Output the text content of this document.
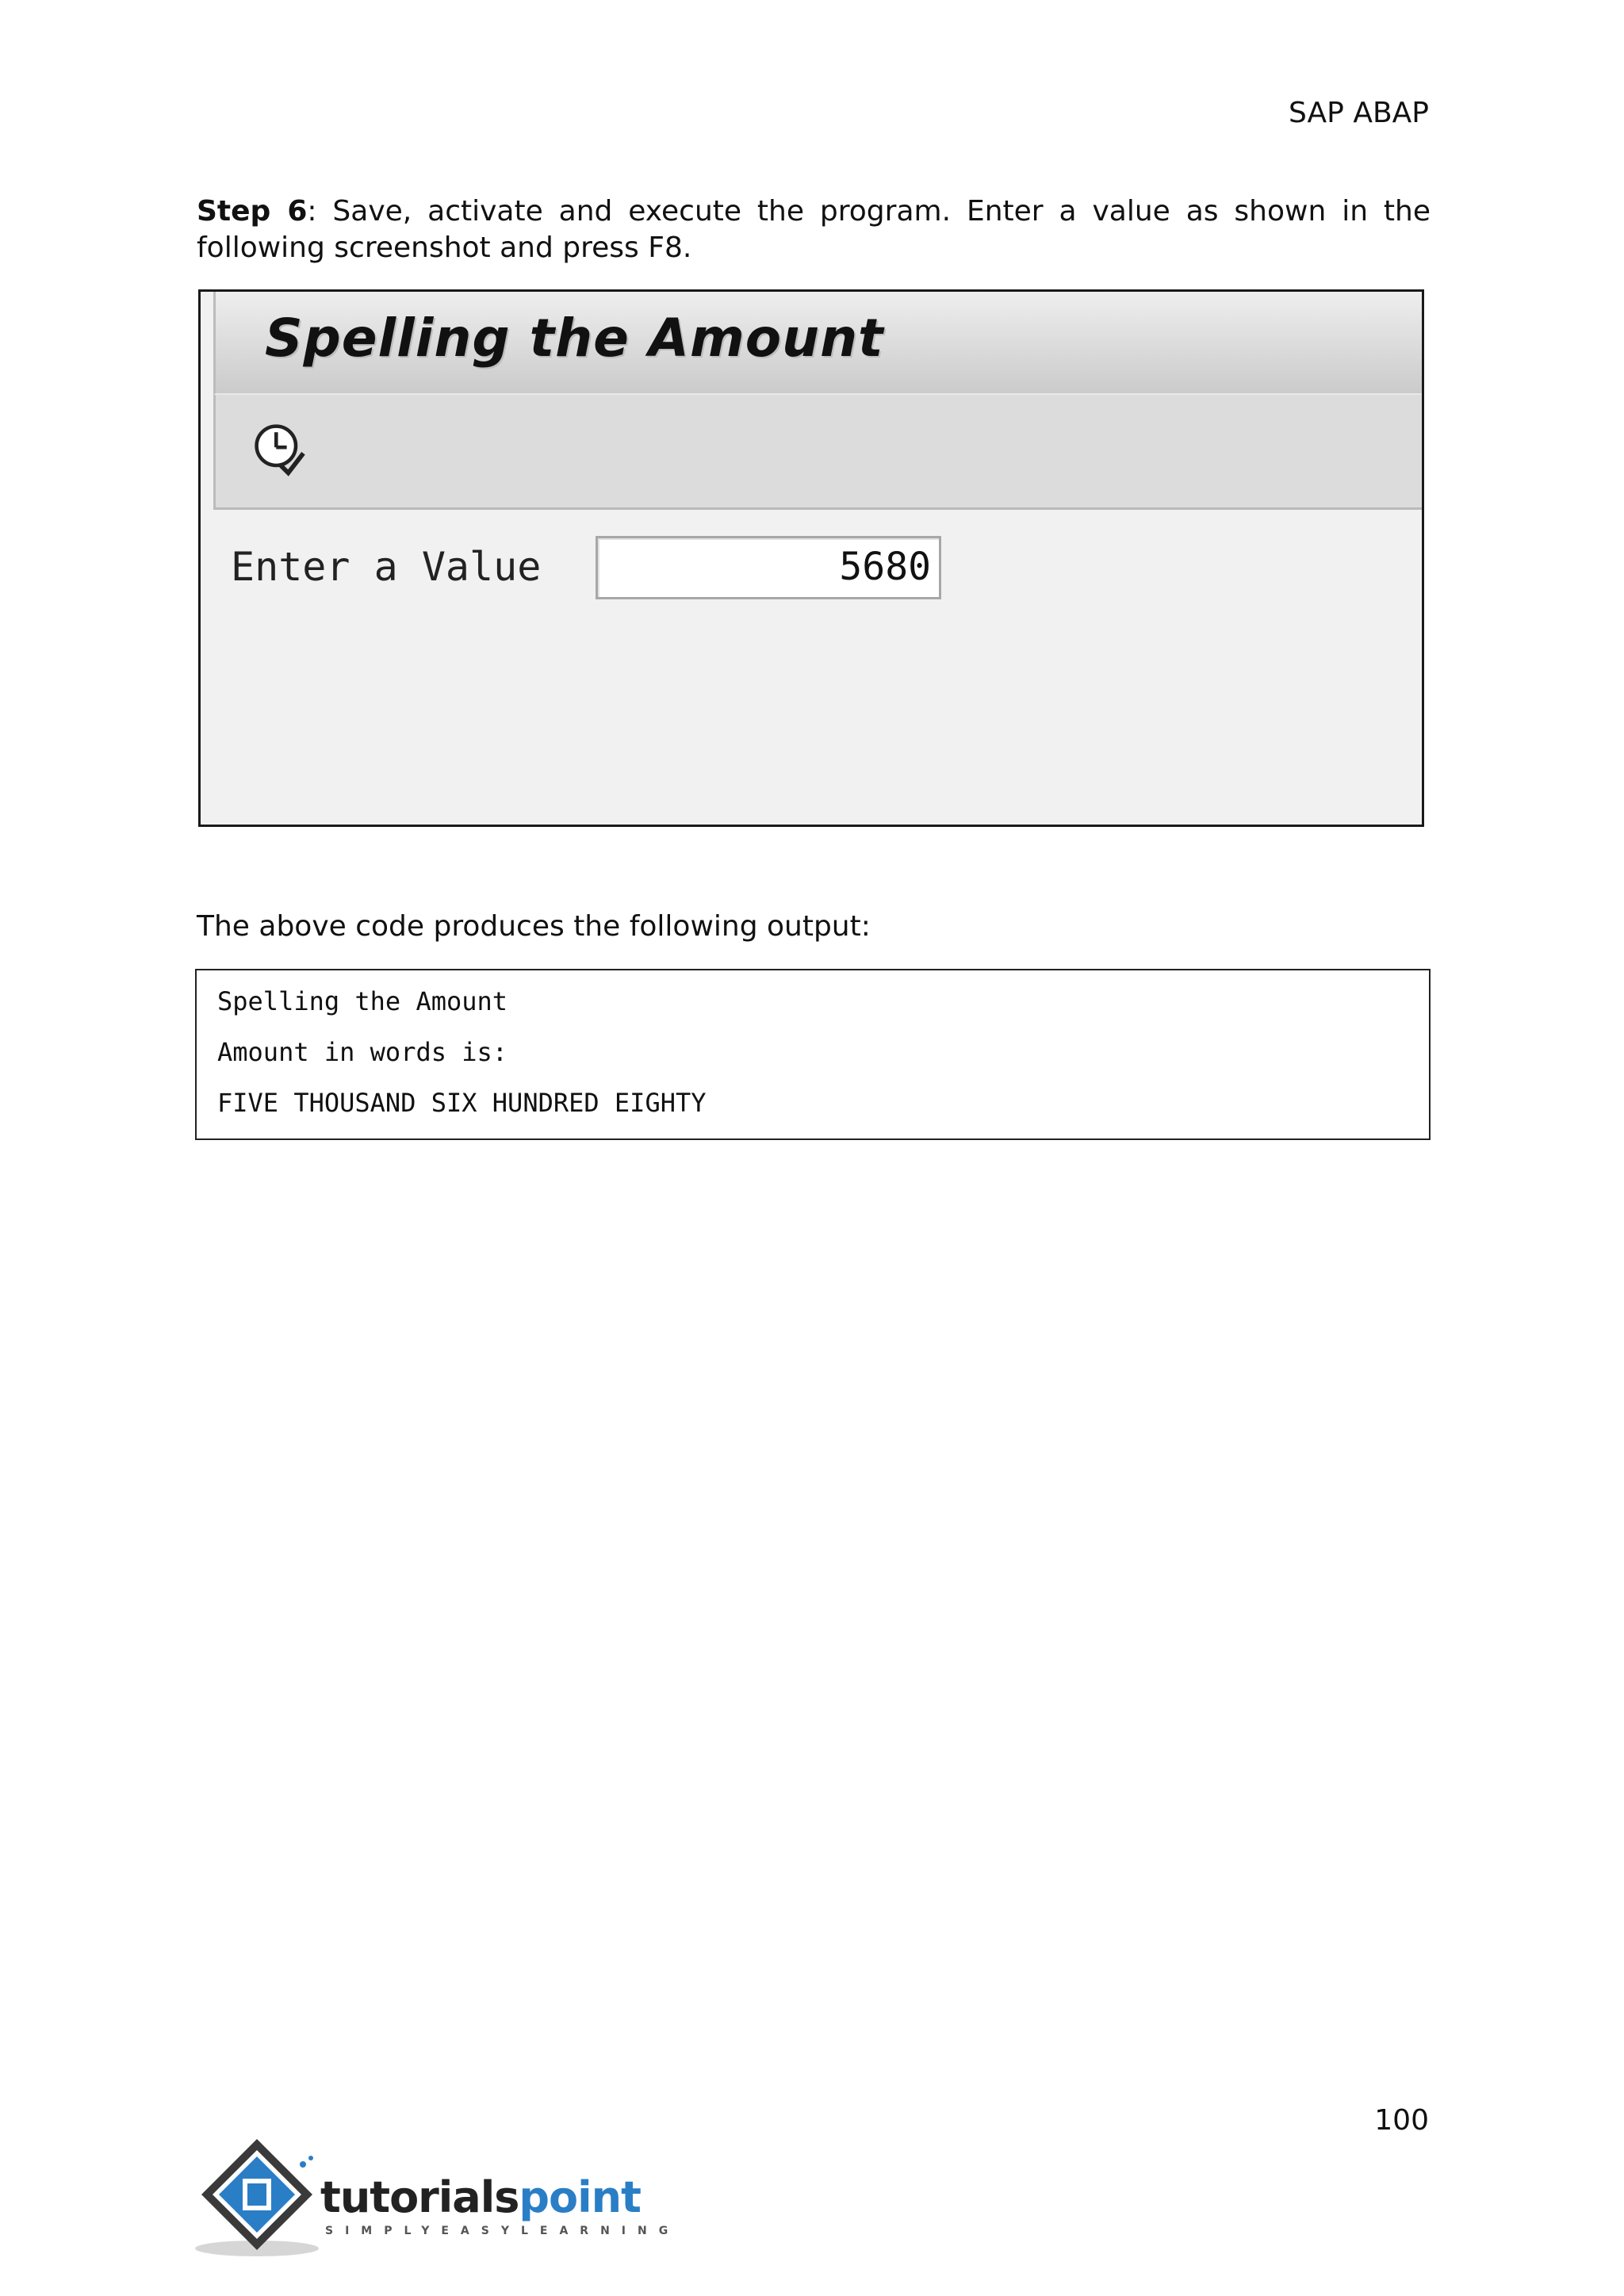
SAP ABAP
Step 6: Save, activate and execute the program. Enter a value as shown in the following screenshot and press F8.
Spelling the Amount
Enter a Value	5680
The above code produces the following output:
Spelling the Amount
Amount in words is:
FIVE THOUSAND SIX HUNDRED EIGHTY
100
tutorialspoint
SIMPLYEASYLEARNING
